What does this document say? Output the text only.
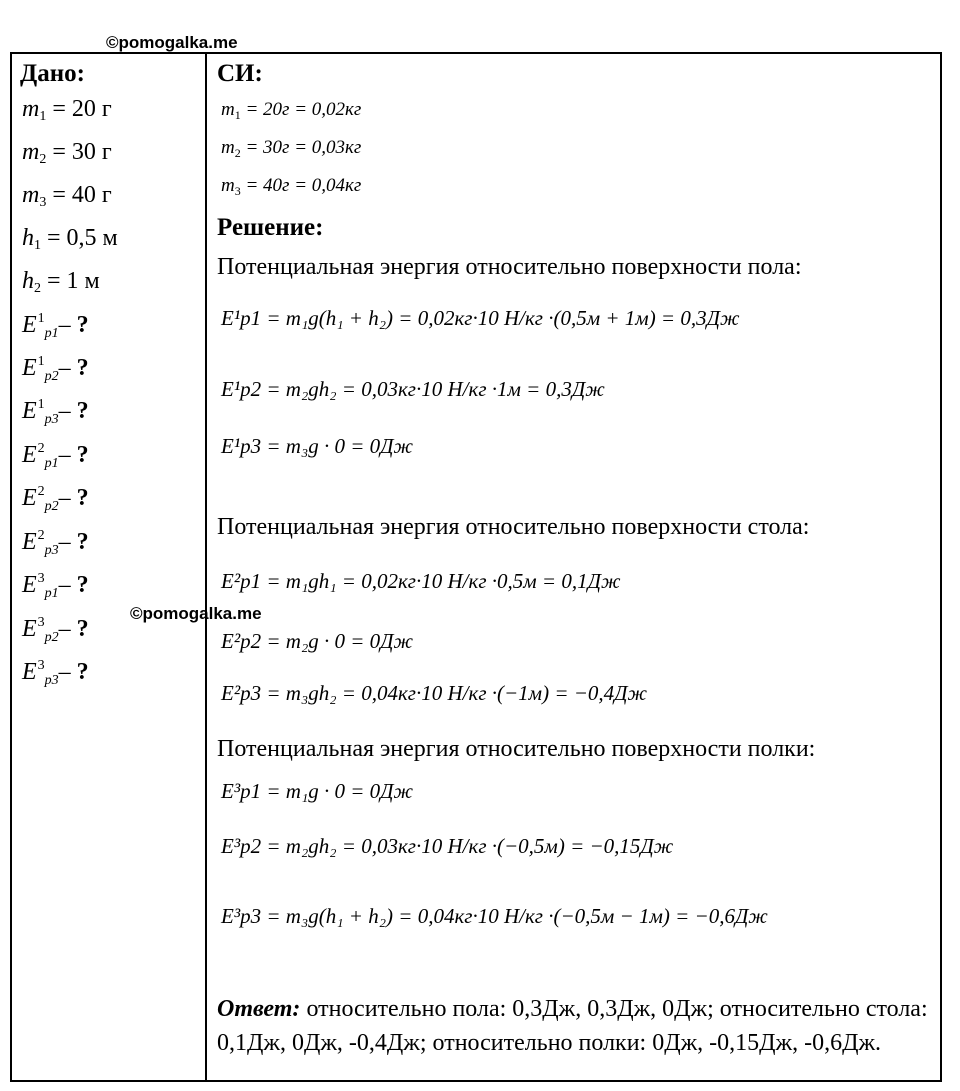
©pomogalka.me
Дано:
$m_1 = 20$ г
$m_2 = 30$ г
$m_3 = 40$ г
$h_1 = 0,5$ м
$h_2 = 1$ м
$E^1_{p1}-$ ?
$E^1_{p2}-$ ?
$E^1_{p3}-$ ?
$E^2_{p1}-$ ?
$E^2_{p2}-$ ?
$E^2_{p3}-$ ?
$E^3_{p1}-$ ?
$E^3_{p2}-$ ?
$E^3_{p3}-$ ?
СИ:
$m_1 = 20г = 0,02кг$
$m_2 = 30г = 0,03кг$
$m_3 = 40г = 0,04кг$
Решение:
Потенциальная энергия относительно поверхности пола:
E¹p1 = m₁g(h₁ + h₂) = 0,02кг·10 Н/кг ·(0,5м + 1м) = 0,3Дж
E¹p2 = m₂gh₂ = 0,03кг·10 Н/кг ·1м = 0,3Дж
E¹p3 = m₃g · 0 = 0Дж
Потенциальная энергия относительно поверхности стола:
E²p1 = m₁gh₁ = 0,02кг·10 Н/кг ·0,5м = 0,1Дж
E²p2 = m₂g · 0 = 0Дж
E²p3 = m₃gh₂ = 0,04кг·10 Н/кг ·(−1м) = −0,4Дж
Потенциальная энергия относительно поверхности полки:
E³p1 = m₁g · 0 = 0Дж
E³p2 = m₂gh₂ = 0,03кг·10 Н/кг ·(−0,5м) = −0,15Дж
E³p3 = m₃g(h₁ + h₂) = 0,04кг·10 Н/кг ·(−0,5м − 1м) = −0,6Дж
Ответ: относительно пола: 0,3Дж, 0,3Дж, 0Дж; относительно стола: 0,1Дж, 0Дж, -0,4Дж; относительно полки: 0Дж, -0,15Дж, -0,6Дж.
©pomogalka.me
